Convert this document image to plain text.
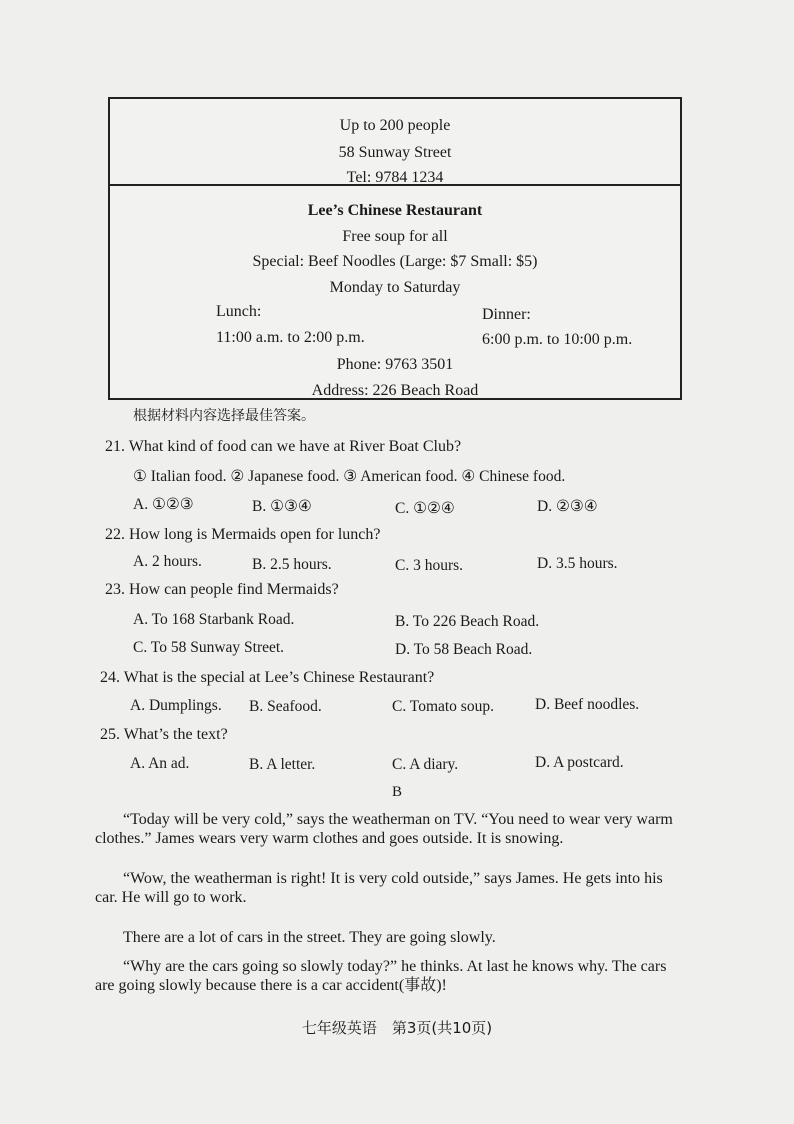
Up to 200 people
58 Sunway Street
Tel: 9784 1234
Lee’s Chinese Restaurant
Free soup for all
Special: Beef Noodles (Large: $7 Small: $5)
Monday to Saturday
Lunch:
11:00 a.m. to 2:00 p.m.
Dinner:
6:00 p.m. to 10:00 p.m.
Phone: 9763 3501
Address: 226 Beach Road
根据材料内容选择最佳答案。
21. What kind of food can we have at River Boat Club?
① Italian food. ② Japanese food. ③ American food. ④ Chinese food.
A. ①②③	B. ①③④	C. ①②④	D. ②③④
22. How long is Mermaids open for lunch?
A. 2 hours.	B. 2.5 hours.	C. 3 hours.	D. 3.5 hours.
23. How can people find Mermaids?
A. To 168 Starbank Road.	B. To 226 Beach Road.
C. To 58 Sunway Street.	D. To 58 Beach Road.
24. What is the special at Lee’s Chinese Restaurant?
A. Dumplings. B. Seafood.	C. Tomato soup.	D. Beef noodles.
25. What’s the text?
A. An ad.	B. A letter.	C. A diary.	D. A postcard.
B
“Today will be very cold,” says the weatherman on TV. “You need to wear very warm clothes.” James wears very warm clothes and goes outside. It is snowing.
“Wow, the weatherman is right! It is very cold outside,” says James. He gets into his car. He will go to work.
There are a lot of cars in the street. They are going slowly.
“Why are the cars going so slowly today?” he thinks. At last he knows why. The cars are going slowly because there is a car accident(事故)!
七年级英语　第3页(共10页)
